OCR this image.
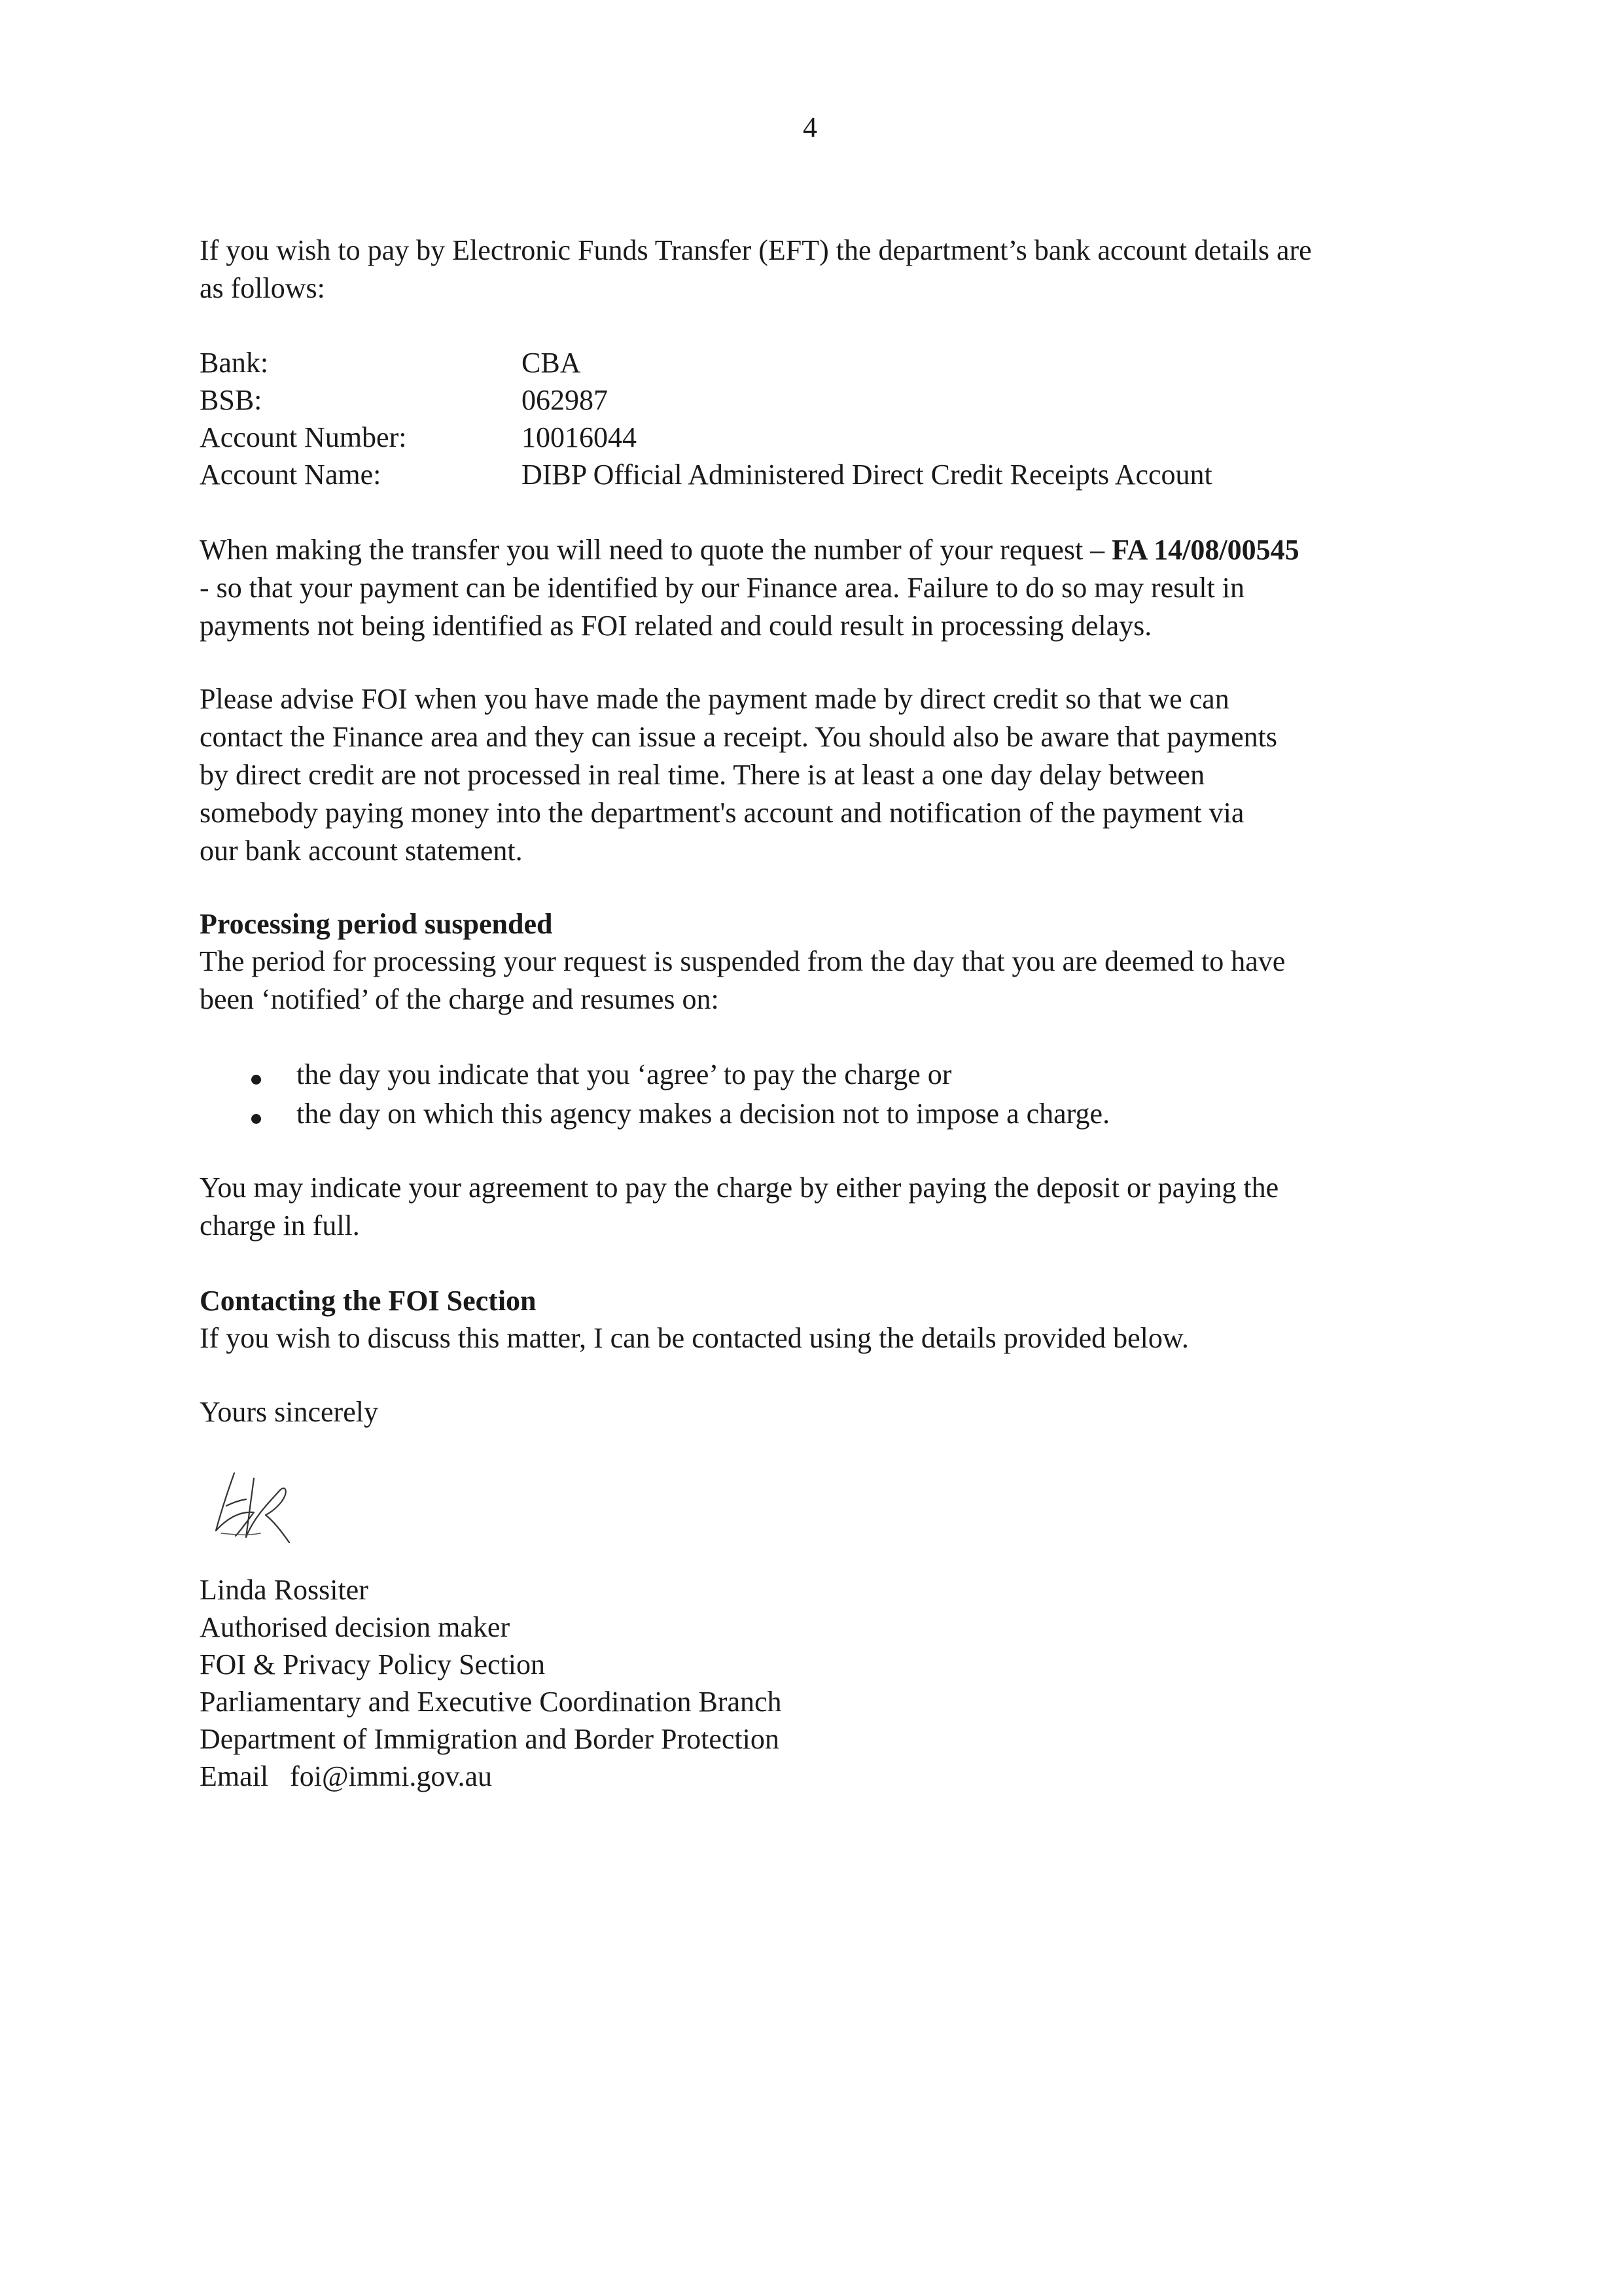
4
If you wish to pay by Electronic Funds Transfer (EFT) the department’s bank account details are
as follows:
Bank:	CBA
BSB:	062987
Account Number:	10016044
Account Name:	DIBP Official Administered Direct Credit Receipts Account
When making the transfer you will need to quote the number of your request – FA 14/08/00545
- so that your payment can be identified by our Finance area. Failure to do so may result in
payments not being identified as FOI related and could result in processing delays.
Please advise FOI when you have made the payment made by direct credit so that we can
contact the Finance area and they can issue a receipt. You should also be aware that payments
by direct credit are not processed in real time. There is at least a one day delay between
somebody paying money into the department's account and notification of the payment via
our bank account statement.
Processing period suspended
The period for processing your request is suspended from the day that you are deemed to have
been ‘notified’ of the charge and resumes on:
the day you indicate that you ‘agree’ to pay the charge or
the day on which this agency makes a decision not to impose a charge.
You may indicate your agreement to pay the charge by either paying the deposit or paying the
charge in full.
Contacting the FOI Section
If you wish to discuss this matter, I can be contacted using the details provided below.
Yours sincerely
Linda Rossiter
Authorised decision maker
FOI & Privacy Policy Section
Parliamentary and Executive Coordination Branch
Department of Immigration and Border Protection
Email   foi@immi.gov.au
